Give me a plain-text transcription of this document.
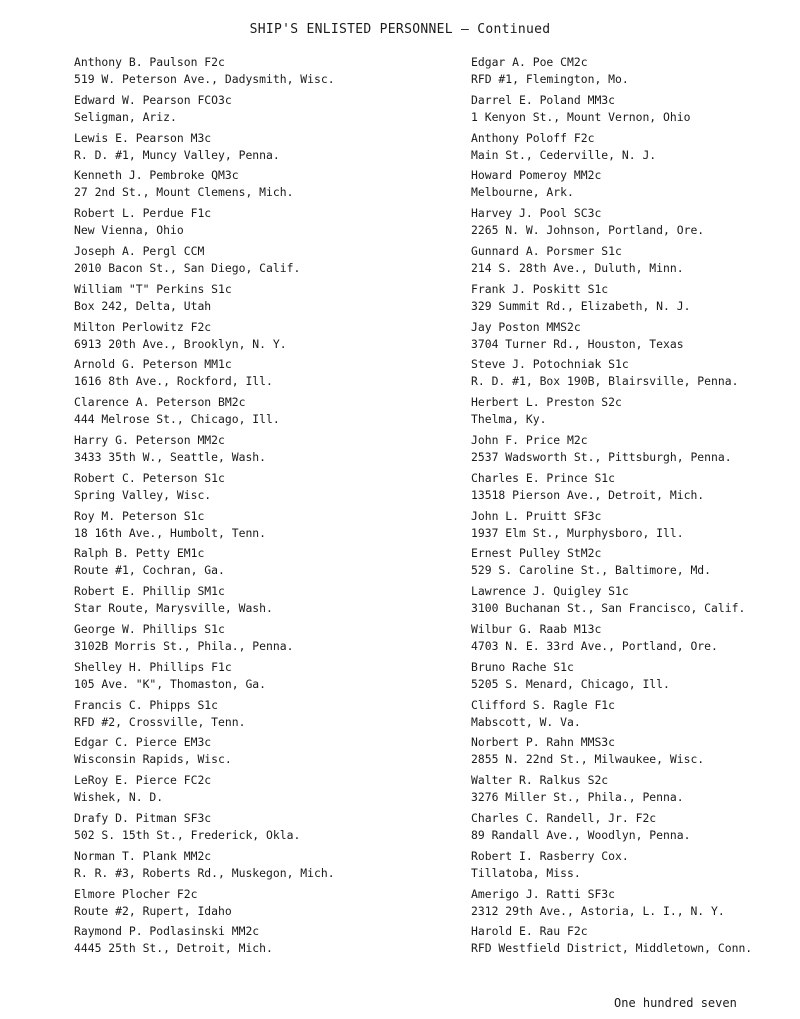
SHIP'S ENLISTED PERSONNEL — Continued
Anthony B. Paulson F2c
519 W. Peterson Ave., Dadysmith, Wisc.
Edward W. Pearson FCO3c
Seligman, Ariz.
Lewis E. Pearson M3c
R. D. #1, Muncy Valley, Penna.
Kenneth J. Pembroke QM3c
27 2nd St., Mount Clemens, Mich.
Robert L. Perdue F1c
New Vienna, Ohio
Joseph A. Pergl CCM
2010 Bacon St., San Diego, Calif.
William "T" Perkins S1c
Box 242, Delta, Utah
Milton Perlowitz F2c
6913 20th Ave., Brooklyn, N. Y.
Arnold G. Peterson MM1c
1616 8th Ave., Rockford, Ill.
Clarence A. Peterson BM2c
444 Melrose St., Chicago, Ill.
Harry G. Peterson MM2c
3433 35th W., Seattle, Wash.
Robert C. Peterson S1c
Spring Valley, Wisc.
Roy M. Peterson S1c
18 16th Ave., Humbolt, Tenn.
Ralph B. Petty EM1c
Route #1, Cochran, Ga.
Robert E. Phillip SM1c
Star Route, Marysville, Wash.
George W. Phillips S1c
3102B Morris St., Phila., Penna.
Shelley H. Phillips F1c
105 Ave. "K", Thomaston, Ga.
Francis C. Phipps S1c
RFD #2, Crossville, Tenn.
Edgar C. Pierce EM3c
Wisconsin Rapids, Wisc.
LeRoy E. Pierce FC2c
Wishek, N. D.
Drafy D. Pitman SF3c
502 S. 15th St., Frederick, Okla.
Norman T. Plank MM2c
R. R. #3, Roberts Rd., Muskegon, Mich.
Elmore Plocher F2c
Route #2, Rupert, Idaho
Raymond P. Podlasinski MM2c
4445 25th St., Detroit, Mich.
Edgar A. Poe CM2c
RFD #1, Flemington, Mo.
Darrel E. Poland MM3c
1 Kenyon St., Mount Vernon, Ohio
Anthony Poloff F2c
Main St., Cederville, N. J.
Howard Pomeroy MM2c
Melbourne, Ark.
Harvey J. Pool SC3c
2265 N. W. Johnson, Portland, Ore.
Gunnard A. Porsmer S1c
214 S. 28th Ave., Duluth, Minn.
Frank J. Poskitt S1c
329 Summit Rd., Elizabeth, N. J.
Jay Poston MMS2c
3704 Turner Rd., Houston, Texas
Steve J. Potochniak S1c
R. D. #1, Box 190B, Blairsville, Penna.
Herbert L. Preston S2c
Thelma, Ky.
John F. Price M2c
2537 Wadsworth St., Pittsburgh, Penna.
Charles E. Prince S1c
13518 Pierson Ave., Detroit, Mich.
John L. Pruitt SF3c
1937 Elm St., Murphysboro, Ill.
Ernest Pulley StM2c
529 S. Caroline St., Baltimore, Md.
Lawrence J. Quigley S1c
3100 Buchanan St., San Francisco, Calif.
Wilbur G. Raab M13c
4703 N. E. 33rd Ave., Portland, Ore.
Bruno Rache S1c
5205 S. Menard, Chicago, Ill.
Clifford S. Ragle F1c
Mabscott, W. Va.
Norbert P. Rahn MMS3c
2855 N. 22nd St., Milwaukee, Wisc.
Walter R. Ralkus S2c
3276 Miller St., Phila., Penna.
Charles C. Randell, Jr. F2c
89 Randall Ave., Woodlyn, Penna.
Robert I. Rasberry Cox.
Tillatoba, Miss.
Amerigo J. Ratti SF3c
2312 29th Ave., Astoria, L. I., N. Y.
Harold E. Rau F2c
RFD Westfield District, Middletown, Conn.
One hundred seven
